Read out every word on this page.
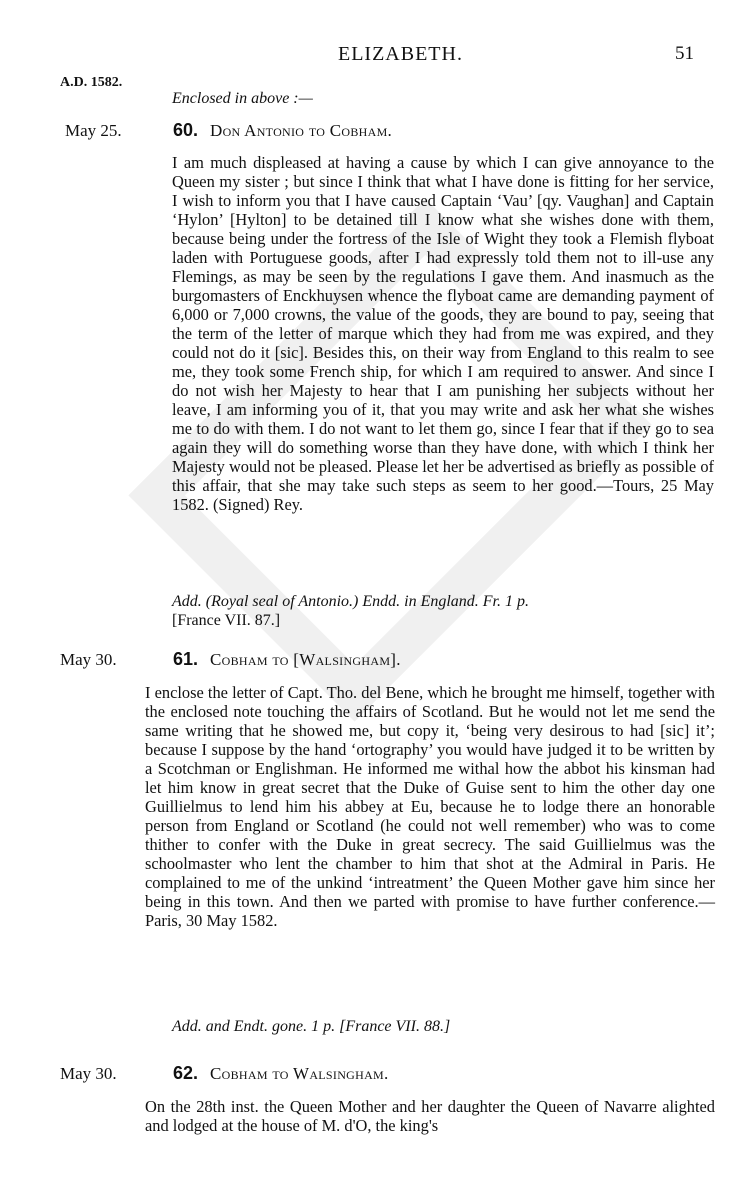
ELIZABETH.	51
A.D. 1582.
Enclosed in above :—
May 25.	60. Don Antonio to Cobham.
I am much displeased at having a cause by which I can give annoyance to the Queen my sister ; but since I think that what I have done is fitting for her service, I wish to inform you that I have caused Captain ‘Vau’ [qy. Vaughan] and Captain ‘Hylon’ [Hylton] to be detained till I know what she wishes done with them, because being under the fortress of the Isle of Wight they took a Flemish flyboat laden with Portuguese goods, after I had expressly told them not to ill-use any Flemings, as may be seen by the regulations I gave them. And inasmuch as the burgomasters of Enckhuysen whence the flyboat came are demanding payment of 6,000 or 7,000 crowns, the value of the goods, they are bound to pay, seeing that the term of the letter of marque which they had from me was expired, and they could not do it [sic]. Besides this, on their way from England to this realm to see me, they took some French ship, for which I am required to answer. And since I do not wish her Majesty to hear that I am punishing her subjects without her leave, I am informing you of it, that you may write and ask her what she wishes me to do with them. I do not want to let them go, since I fear that if they go to sea again they will do something worse than they have done, with which I think her Majesty would not be pleased. Please let her be advertised as briefly as possible of this affair, that she may take such steps as seem to her good.—Tours, 25 May 1582. (Signed) Rey.
Add. (Royal seal of Antonio.) Endd. in England. Fr. 1 p.
[France VII. 87.]
May 30.	61. Cobham to [Walsingham].
I enclose the letter of Capt. Tho. del Bene, which he brought me himself, together with the enclosed note touching the affairs of Scotland. But he would not let me send the same writing that he showed me, but copy it, ‘being very desirous to had [sic] it’; because I suppose by the hand ‘ortography’ you would have judged it to be written by a Scotchman or Englishman. He informed me withal how the abbot his kinsman had let him know in great secret that the Duke of Guise sent to him the other day one Guillielmus to lend him his abbey at Eu, because he to lodge there an honorable person from England or Scotland (he could not well remember) who was to come thither to confer with the Duke in great secrecy. The said Guillielmus was the schoolmaster who lent the chamber to him that shot at the Admiral in Paris. He complained to me of the unkind ‘intreatment’ the Queen Mother gave him since her being in this town. And then we parted with promise to have further conference.—Paris, 30 May 1582.
Add. and Endt. gone. 1 p. [France VII. 88.]
May 30.	62. Cobham to Walsingham.
On the 28th inst. the Queen Mother and her daughter the Queen of Navarre alighted and lodged at the house of M. d'O, the king's
